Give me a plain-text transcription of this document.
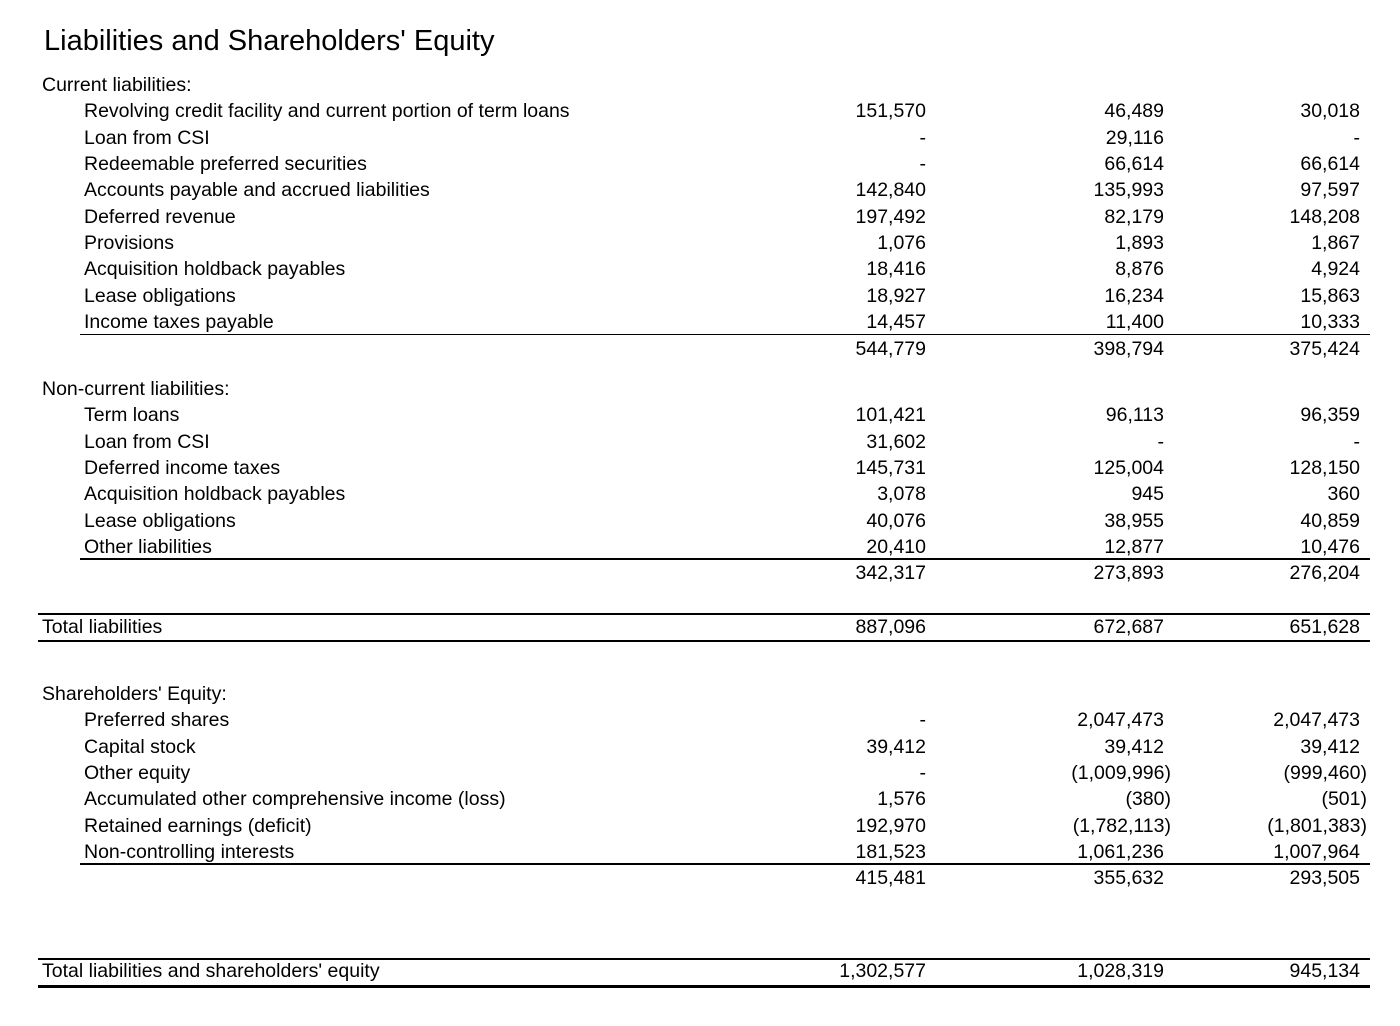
Liabilities and Shareholders' Equity
Current liabilities:
Revolving credit facility and current portion of term loans	151,570	46,489	30,018
Loan from CSI	-	29,116	-
Redeemable preferred securities	-	66,614	66,614
Accounts payable and accrued liabilities	142,840	135,993	97,597
Deferred revenue	197,492	82,179	148,208
Provisions	1,076	1,893	1,867
Acquisition holdback payables	18,416	8,876	4,924
Lease obligations	18,927	16,234	15,863
Income taxes payable	14,457	11,400	10,333
544,779	398,794	375,424
Non-current liabilities:
Term loans	101,421	96,113	96,359
Loan from CSI	31,602	-	-
Deferred income taxes	145,731	125,004	128,150
Acquisition holdback payables	3,078	945	360
Lease obligations	40,076	38,955	40,859
Other liabilities	20,410	12,877	10,476
342,317	273,893	276,204
Total liabilities	887,096	672,687	651,628
Shareholders' Equity:
Preferred shares	-	2,047,473	2,047,473
Capital stock	39,412	39,412	39,412
Other equity	-	(1,009,996)	(999,460)
Accumulated other comprehensive income (loss)	1,576	(380)	(501)
Retained earnings (deficit)	192,970	(1,782,113)	(1,801,383)
Non-controlling interests	181,523	1,061,236	1,007,964
415,481	355,632	293,505
Total liabilities and shareholders' equity	1,302,577	1,028,319	945,134
